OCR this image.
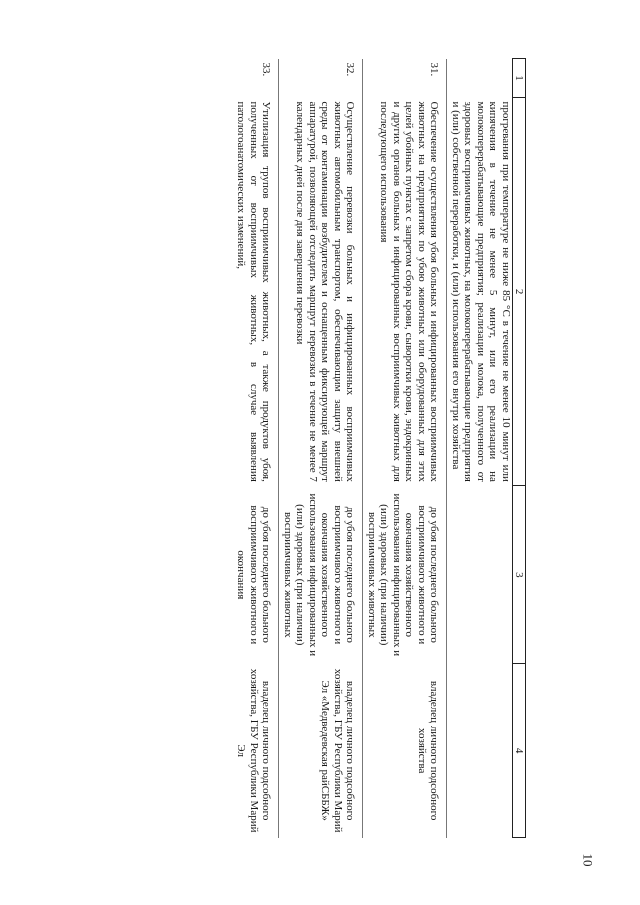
10
1	2	3	4

	прогревания при температуре не ниже 85 °С в течение не менее 10 минут или кипячения в течение не менее 5 минут, или его реализации на молокоперерабатывающие предприятия; реализации молока, полученного от здоровых восприимчивых животных, на молокоперерабатывающие предприятия и (или) собственной переработки, и (или) использования его внутри хозяйства		

31.	Обеспечение осуществления убоя больных и инфицированных восприимчивых животных на предприятиях по убою животных или оборудованных для этих целей убойных пунктах с запретом сбора крови, сыворотки крови, эндокринных и других органов больных и инфицированных восприимчивых животных для последующего использования	до убоя последнего больного восприимчивого животного и окончания хозяйственного использования инфицированных и (или) здоровых (при наличии) восприимчивых животных	владелец личного подсобного хозяйства
32.	Осуществление перевозки больных и инфицированных восприимчивых животных автомобильным транспортом, обеспечивающим защиту внешней среды от контаминации возбудителем и оснащенным фиксирующей маршрут аппаратурой, позволяющей отследить маршрут перевозки в течение не менее 7 календарных дней после дня завершения перевозки	до убоя последнего больного восприимчивого животного и окончания хозяйственного использования инфицированных и (или) здоровых (при наличии) восприимчивых животных	владелец личного подсобного хозяйства, ГБУ Республики Марий Эл «Медведевская райСББЖ»
33.	Утилизация трупов восприимчивых животных, а также продуктов убоя, полученных от восприимчивых животных, в случае выявления патологоанатомических изменений,	до убоя последнего больного восприимчивого животного и окончания	владелец личного подсобного хозяйства, ГБУ Республики Марий Эл
